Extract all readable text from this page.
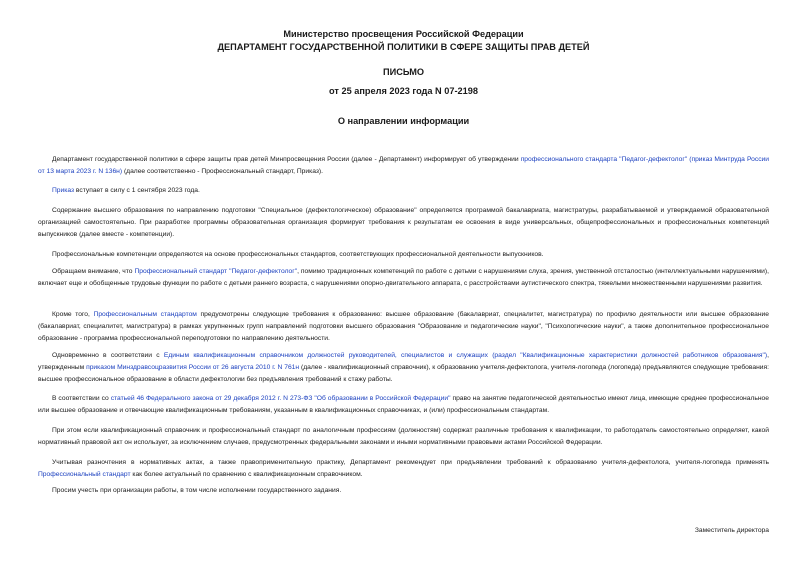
Министерство просвещения Российской Федерации

ДЕПАРТАМЕНТ ГОСУДАРСТВЕННОЙ ПОЛИТИКИ В СФЕРЕ ЗАЩИТЫ ПРАВ ДЕТЕЙ

ПИСЬМО

от 25 апреля 2023 года N 07-2198

О направлении информации

Департамент государственной политики в сфере защиты прав детей Минпросвещения России (далее - Департамент) информирует об утверждении профессионального стандарта "Педагог-дефектолог" (приказ Минтруда России от 13 марта 2023 г. N 136н) (далее соответственно - Профессиональный стандарт, Приказ).

Приказ вступает в силу с 1 сентября 2023 года.

Содержание высшего образования по направлению подготовки "Специальное (дефектологическое) образование" определяется программой бакалавриата, магистратуры, разрабатываемой и утверждаемой образовательной организацией самостоятельно. При разработке программы образовательная организация формирует требования к результатам ее освоения в виде универсальных, общепрофессиональных и профессиональных компетенций выпускников (далее вместе - компетенции).

Профессиональные компетенции определяются на основе профессиональных стандартов, соответствующих профессиональной деятельности выпускников.

Обращаем внимание, что Профессиональный стандарт "Педагог-дефектолог", помимо традиционных компетенций по работе с детьми с нарушениями слуха, зрения, умственной отсталостью (интеллектуальными нарушениями), включает еще и обобщенные трудовые функции по работе с детьми раннего возраста, с нарушениями опорно-двигательного аппарата, с расстройствами аутистического спектра, тяжелыми множественными нарушениями развития.

Кроме того, Профессиональным стандартом предусмотрены следующие требования к образованию: высшее образование (бакалавриат, специалитет, магистратура) по профилю деятельности или высшее образование (бакалавриат, специалитет, магистратура) в рамках укрупненных групп направлений подготовки высшего образования "Образование и педагогические науки", "Психологические науки", а также дополнительное профессиональное образование - программа профессиональной переподготовки по направлению деятельности.

Одновременно в соответствии с Единым квалификационным справочником должностей руководителей, специалистов и служащих (раздел "Квалификационные характеристики должностей работников образования"), утвержденным приказом Минздравсоцразвития России от 26 августа 2010 г. N 761н (далее - квалификационный справочник), к образованию учителя-дефектолога, учителя-логопеда (логопеда) предъявляются следующие требования: высшее профессиональное образование в области дефектологии без предъявления требований к стажу работы.

В соответствии со статьей 46 Федерального закона от 29 декабря 2012 г. N 273-ФЗ "Об образовании в Российской Федерации" право на занятие педагогической деятельностью имеют лица, имеющие среднее профессиональное или высшее образование и отвечающие квалификационным требованиям, указанным в квалификационных справочниках, и (или) профессиональным стандартам.

При этом если квалификационный справочник и профессиональный стандарт по аналогичным профессиям (должностям) содержат различные требования к квалификации, то работодатель самостоятельно определяет, какой нормативный правовой акт он использует, за исключением случаев, предусмотренных федеральными законами и иными нормативными правовыми актами Российской Федерации.

Учитывая разночтения в нормативных актах, а также правоприменительную практику, Департамент рекомендует при предъявлении требований к образованию учителя-дефектолога, учителя-логопеда применять Профессиональный стандарт как более актуальный по сравнению с квалификационным справочником.

Просим учесть при организации работы, в том числе исполнении государственного задания.

Заместитель директора
